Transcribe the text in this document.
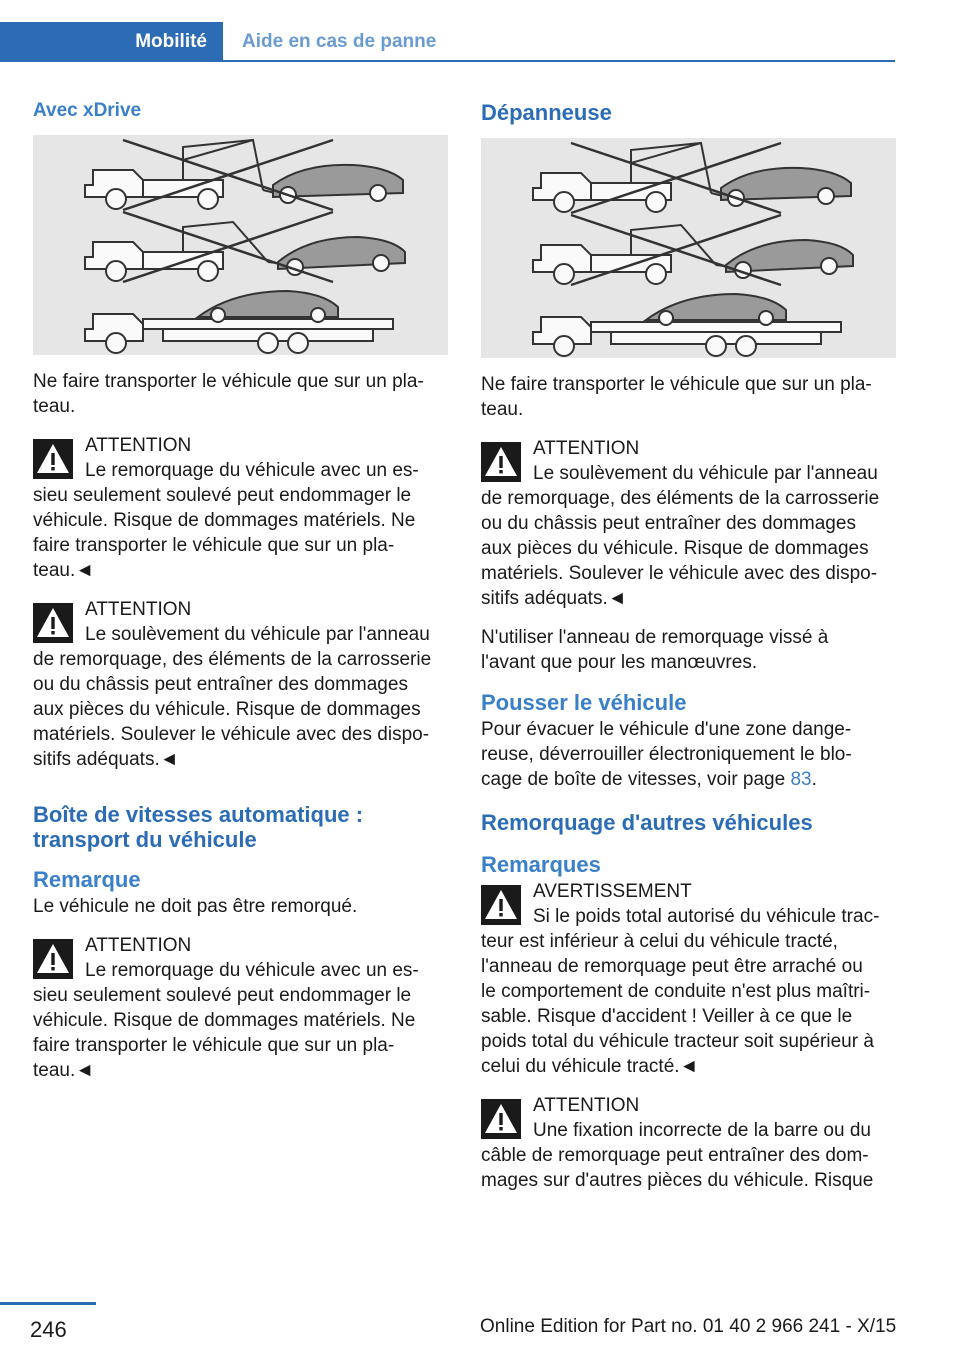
Mobilité	Aide en cas de panne
Avec xDrive
Ne faire transporter le véhicule que sur un pla-
teau.
ATTENTION
Le remorquage du véhicule avec un es-
sieu seulement soulevé peut endommager le
véhicule. Risque de dommages matériels. Ne
faire transporter le véhicule que sur un pla-
teau.◄
ATTENTION
Le soulèvement du véhicule par l'anneau
de remorquage, des éléments de la carrosserie
ou du châssis peut entraîner des dommages
aux pièces du véhicule. Risque de dommages
matériels. Soulever le véhicule avec des dispo-
sitifs adéquats.◄
Boîte de vitesses automatique :
transport du véhicule
Remarque
Le véhicule ne doit pas être remorqué.
ATTENTION
Le remorquage du véhicule avec un es-
sieu seulement soulevé peut endommager le
véhicule. Risque de dommages matériels. Ne
faire transporter le véhicule que sur un pla-
teau.◄
Dépanneuse
Ne faire transporter le véhicule que sur un pla-
teau.
ATTENTION
Le soulèvement du véhicule par l'anneau
de remorquage, des éléments de la carrosserie
ou du châssis peut entraîner des dommages
aux pièces du véhicule. Risque de dommages
matériels. Soulever le véhicule avec des dispo-
sitifs adéquats.◄
N'utiliser l'anneau de remorquage vissé à
l'avant que pour les manœuvres.
Pousser le véhicule
Pour évacuer le véhicule d'une zone dange-
reuse, déverrouiller électroniquement le blo-
cage de boîte de vitesses, voir page 83.
Remorquage d'autres véhicules
Remarques
AVERTISSEMENT
Si le poids total autorisé du véhicule trac-
teur est inférieur à celui du véhicule tracté,
l'anneau de remorquage peut être arraché ou
le comportement de conduite n'est plus maîtri-
sable. Risque d'accident ! Veiller à ce que le
poids total du véhicule tracteur soit supérieur à
celui du véhicule tracté.◄
ATTENTION
Une fixation incorrecte de la barre ou du
câble de remorquage peut entraîner des dom-
mages sur d'autres pièces du véhicule. Risque
246	Online Edition for Part no. 01 40 2 966 241 - X/15
